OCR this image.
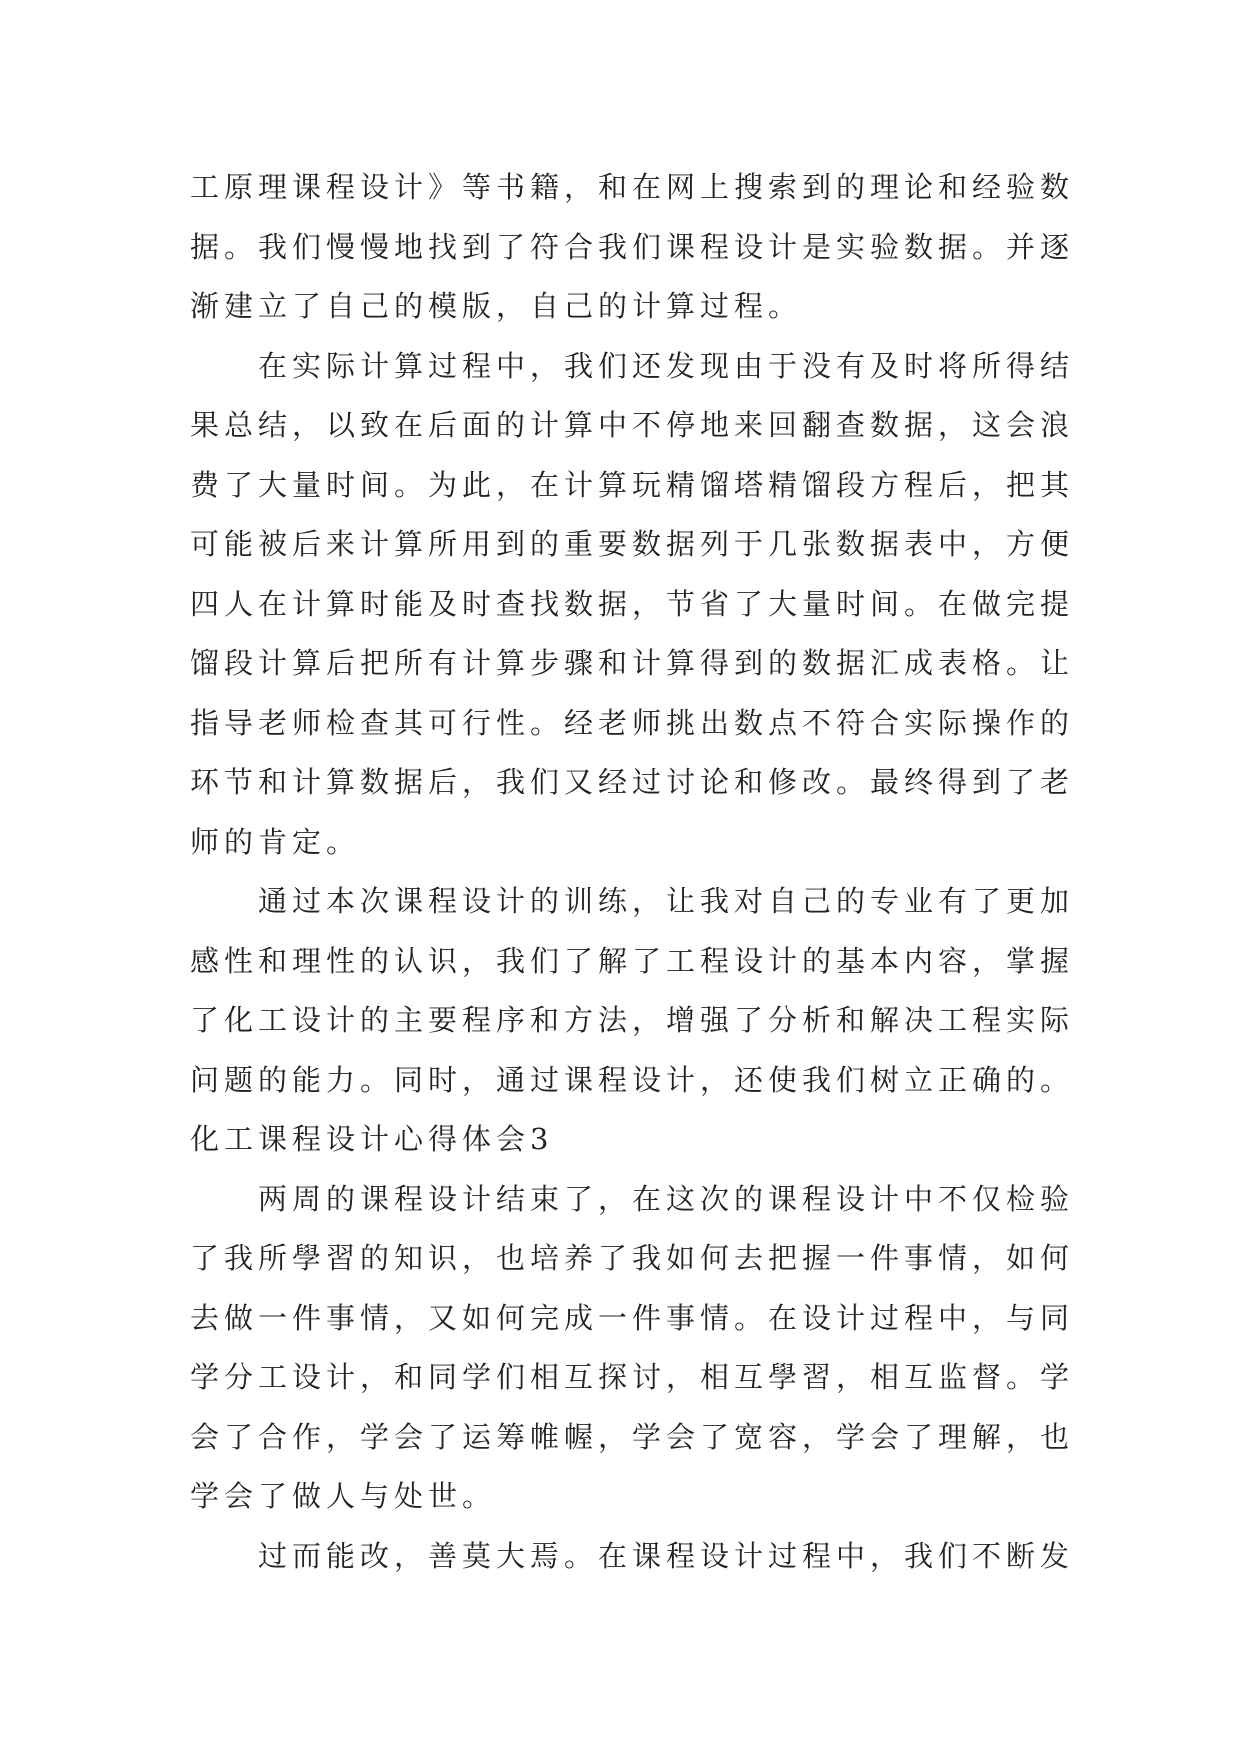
工原理课程设计》等书籍，和在网上搜索到的理论和经验数
据。我们慢慢地找到了符合我们课程设计是实验数据。并逐
渐建立了自己的模版，自己的计算过程。
在实际计算过程中，我们还发现由于没有及时将所得结
果总结，以致在后面的计算中不停地来回翻查数据，这会浪
费了大量时间。为此，在计算玩精馏塔精馏段方程后，把其
可能被后来计算所用到的重要数据列于几张数据表中，方便
四人在计算时能及时查找数据，节省了大量时间。在做完提
馏段计算后把所有计算步骤和计算得到的数据汇成表格。让
指导老师检查其可行性。经老师挑出数点不符合实际操作的
环节和计算数据后，我们又经过讨论和修改。最终得到了老
师的肯定。
通过本次课程设计的训练，让我对自己的专业有了更加
感性和理性的认识，我们了解了工程设计的基本内容，掌握
了化工设计的主要程序和方法，增强了分析和解决工程实际
问题的能力。同时，通过课程设计，还使我们树立正确的。
化工课程设计心得体会3
两周的课程设计结束了，在这次的课程设计中不仅检验
了我所學習的知识，也培养了我如何去把握一件事情，如何
去做一件事情，又如何完成一件事情。在设计过程中，与同
学分工设计，和同学们相互探讨，相互學習，相互监督。学
会了合作，学会了运筹帷幄，学会了宽容，学会了理解，也
学会了做人与处世。
过而能改，善莫大焉。在课程设计过程中，我们不断发
